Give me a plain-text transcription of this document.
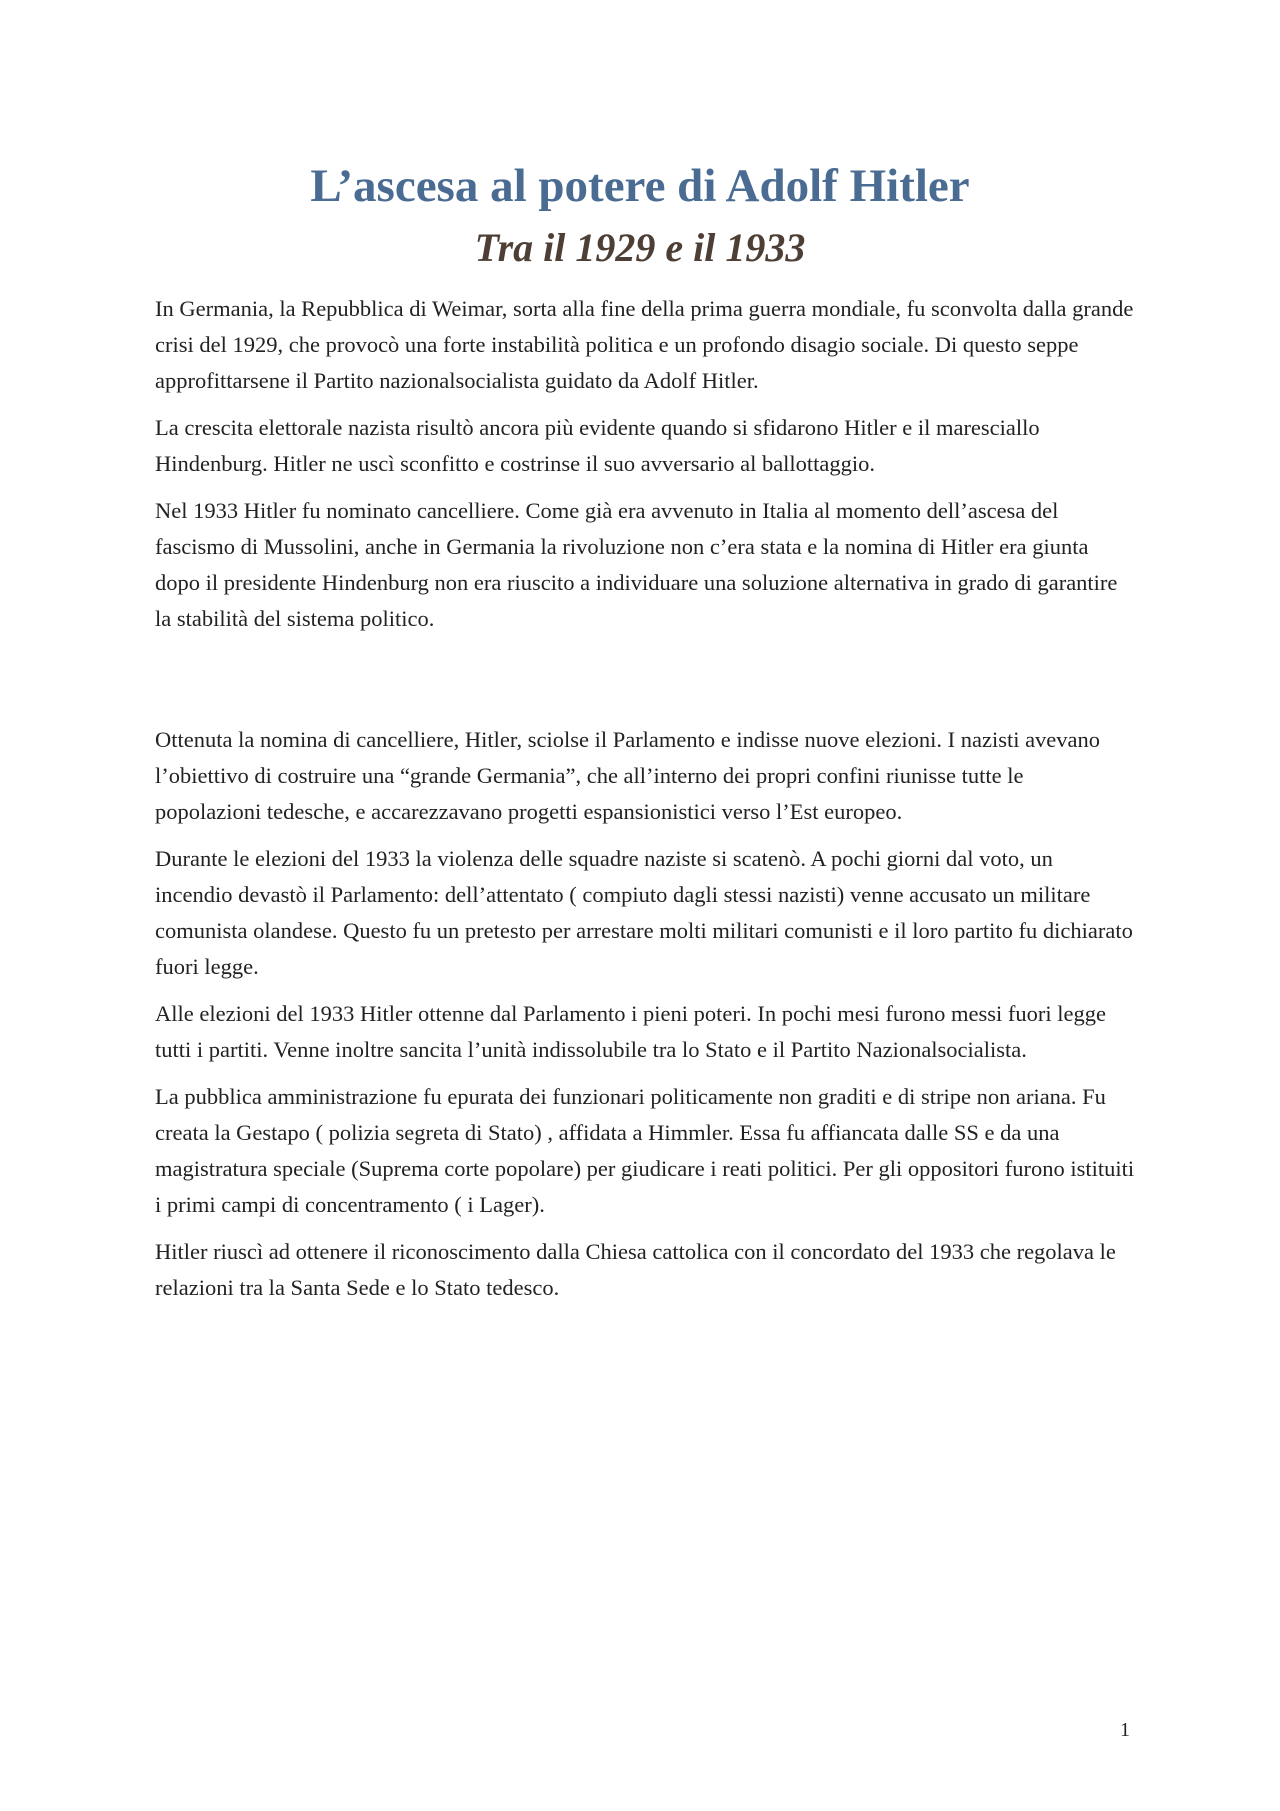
L’ascesa al potere di Adolf Hitler
Tra il 1929 e il 1933

In Germania, la Repubblica di Weimar, sorta alla fine della prima guerra mondiale, fu sconvolta dalla grande crisi del 1929, che provocò una forte instabilità politica e un profondo disagio sociale. Di questo seppe approfittarsene il Partito nazionalsocialista guidato da Adolf Hitler.

La crescita elettorale nazista risultò ancora più evidente quando si sfidarono Hitler e il maresciallo Hindenburg. Hitler ne uscì sconfitto e costrinse il suo avversario al ballottaggio.

Nel 1933 Hitler fu nominato cancelliere. Come già era avvenuto in Italia al momento dell’ascesa del fascismo di Mussolini, anche in Germania la rivoluzione non c’era stata e la nomina di Hitler era giunta dopo il presidente Hindenburg non era riuscito a individuare una soluzione alternativa in grado di garantire la stabilità del sistema politico.

Ottenuta la nomina di cancelliere, Hitler, sciolse il Parlamento e indisse nuove elezioni. I nazisti avevano l’obiettivo di costruire una “grande Germania”, che all’interno dei propri confini riunisse tutte le popolazioni tedesche, e accarezzavano progetti espansionistici verso l’Est europeo.

Durante le elezioni del 1933 la violenza delle squadre naziste si scatenò. A pochi giorni dal voto, un incendio devastò il Parlamento: dell’attentato ( compiuto dagli stessi nazisti) venne accusato un militare comunista olandese. Questo fu un pretesto per arrestare molti militari comunisti e il loro partito fu dichiarato fuori legge.

Alle elezioni del 1933 Hitler ottenne dal Parlamento i pieni poteri. In pochi mesi furono messi fuori legge tutti i partiti. Venne inoltre sancita l’unità indissolubile tra lo Stato e il Partito Nazionalsocialista.

La pubblica amministrazione fu epurata dei funzionari politicamente non graditi e di stripe non ariana. Fu creata la Gestapo ( polizia segreta di Stato) , affidata a Himmler. Essa fu affiancata dalle SS e da una magistratura speciale (Suprema corte popolare) per giudicare i reati politici. Per gli oppositori furono istituiti i primi campi di concentramento ( i Lager).

Hitler riuscì ad ottenere il riconoscimento dalla Chiesa cattolica con il concordato del 1933 che regolava le relazioni tra la Santa Sede e lo Stato tedesco.

1
